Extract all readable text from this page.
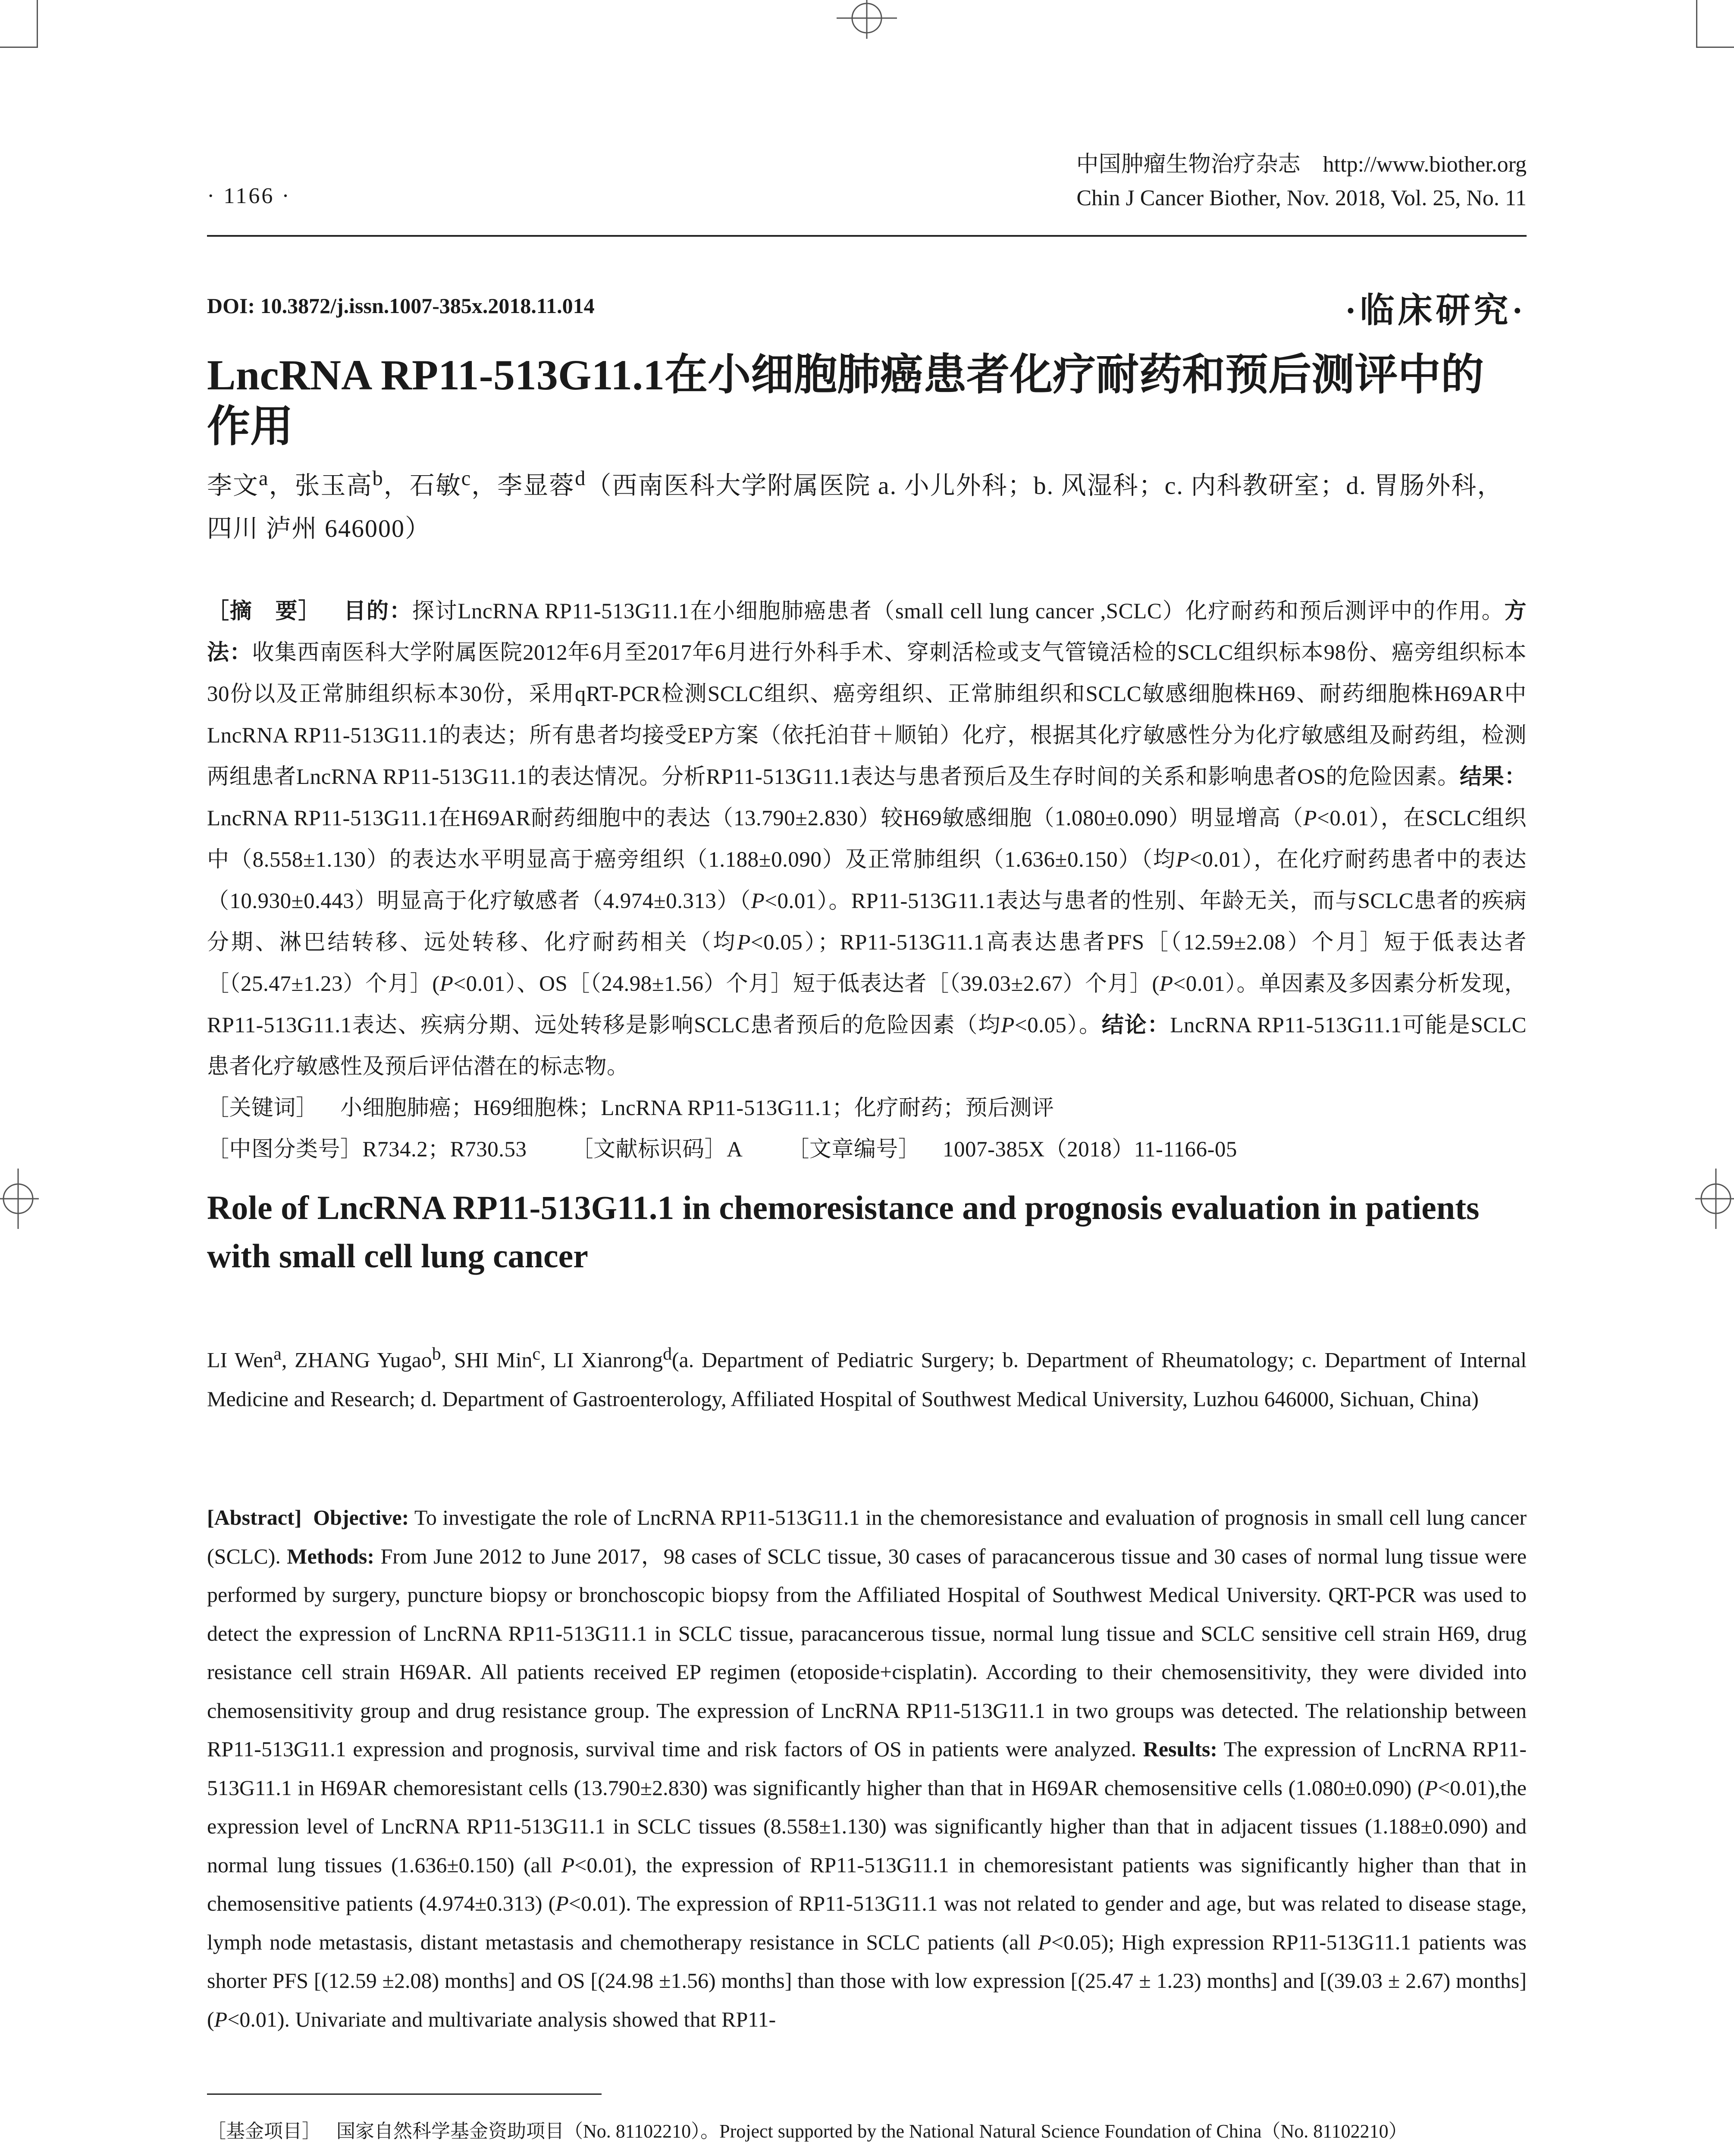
中国肿瘤生物治疗杂志  http://www.biother.org
Chin J Cancer Biother, Nov. 2018, Vol. 25, No. 11
· 1166 ·
DOI: 10.3872/j.issn.1007-385x.2018.11.014	·临床研究·
LncRNA RP11-513G11.1在小细胞肺癌患者化疗耐药和预后测评中的作用
李文$^a$，张玉高$^b$，石敏$^c$，李显蓉$^d$（西南医科大学附属医院 a. 小儿外科；b. 风湿科；c. 内科教研室；d. 胃肠外科，
四川 泸州 646000）
［摘　要］  目的：探讨LncRNA RP11-513G11.1在小细胞肺癌患者（small cell lung cancer ,SCLC）化疗耐药和预后测评中的作用。方法：收集西南医科大学附属医院2012年6月至2017年6月进行外科手术、穿刺活检或支气管镜活检的SCLC组织标本98份、癌旁组织标本30份以及正常肺组织标本30份，采用qRT-PCR检测SCLC组织、癌旁组织、正常肺组织和SCLC敏感细胞株H69、耐药细胞株H69AR中LncRNA RP11-513G11.1的表达；所有患者均接受EP方案（依托泊苷＋顺铂）化疗，根据其化疗敏感性分为化疗敏感组及耐药组，检测两组患者LncRNA RP11-513G11.1的表达情况。分析RP11-513G11.1表达与患者预后及生存时间的关系和影响患者OS的危险因素。结果：LncRNA RP11-513G11.1在H69AR耐药细胞中的表达（13.790±2.830）较H69敏感细胞（1.080±0.090）明显增高（P<0.01），在SCLC组织中（8.558±1.130）的表达水平明显高于癌旁组织（1.188±0.090）及正常肺组织（1.636±0.150）（均P<0.01），在化疗耐药患者中的表达（10.930±0.443）明显高于化疗敏感者（4.974±0.313）（P<0.01）。RP11-513G11.1表达与患者的性别、年龄无关，而与SCLC患者的疾病分期、淋巴结转移、远处转移、化疗耐药相关（均P<0.05）；RP11-513G11.1高表达患者PFS［（12.59±2.08）个月］短于低表达者［（25.47±1.23）个月］(P<0.01）、OS［（24.98±1.56）个月］短于低表达者［（39.03±2.67）个月］(P<0.01）。单因素及多因素分析发现，RP11-513G11.1表达、疾病分期、远处转移是影响SCLC患者预后的危险因素（均P<0.05）。结论：LncRNA RP11-513G11.1可能是SCLC患者化疗敏感性及预后评估潜在的标志物。
［关键词］  小细胞肺癌；H69细胞株；LncRNA RP11-513G11.1；化疗耐药；预后测评
［中图分类号］R734.2；R730.53   ［文献标识码］A   ［文章编号］  1007-385X（2018）11-1166-05
Role of LncRNA RP11-513G11.1 in chemoresistance and prognosis evaluation in patients with small cell lung cancer
LI Wen$^a$, ZHANG Yugao$^b$, SHI Min$^c$, LI Xianrong$^d$(a. Department of Pediatric Surgery; b. Department of Rheumatology; c. Department of Internal Medicine and Research; d. Department of Gastroenterology, Affiliated Hospital of Southwest Medical University, Luzhou 646000, Sichuan, China)
[Abstract] Objective: To investigate the role of LncRNA RP11-513G11.1 in the chemoresistance and evaluation of prognosis in small cell lung cancer (SCLC). Methods: From June 2012 to June 2017，98 cases of SCLC tissue, 30 cases of paracancerous tissue and 30 cases of normal lung tissue were performed by surgery, puncture biopsy or bronchoscopic biopsy from the Affiliated Hospital of Southwest Medical University. QRT-PCR was used to detect the expression of LncRNA RP11-513G11.1 in SCLC tissue, paracancerous tissue, normal lung tissue and SCLC sensitive cell strain H69, drug resistance cell strain H69AR. All patients received EP regimen (etoposide+cisplatin). According to their chemosensitivity, they were divided into chemosensitivity group and drug resistance group. The expression of LncRNA RP11-513G11.1 in two groups was detected. The relationship between RP11-513G11.1 expression and prognosis, survival time and risk factors of OS in patients were analyzed. Results: The expression of LncRNA RP11-513G11.1 in H69AR chemoresistant cells (13.790±2.830) was significantly higher than that in H69AR chemosensitive cells (1.080±0.090) (P<0.01),the expression level of LncRNA RP11-513G11.1 in SCLC tissues (8.558±1.130) was significantly higher than that in adjacent tissues (1.188±0.090) and normal lung tissues (1.636±0.150) (all P<0.01), the expression of RP11-513G11.1 in chemoresistant patients was significantly higher than that in chemosensitive patients (4.974±0.313) (P<0.01). The expression of RP11-513G11.1 was not related to gender and age, but was related to disease stage, lymph node metastasis, distant metastasis and chemotherapy resistance in SCLC patients (all P<0.05); High expression RP11-513G11.1 patients was shorter PFS [(12.59 ±2.08) months] and OS [(24.98 ±1.56) months] than those with low expression [(25.47 ± 1.23) months] and [(39.03 ± 2.67) months] (P<0.01). Univariate and multivariate analysis showed that RP11-
［基金项目］ 国家自然科学基金资助项目（No. 81102210）。Project supported by the National Natural Science Foundation of China（No. 81102210）
